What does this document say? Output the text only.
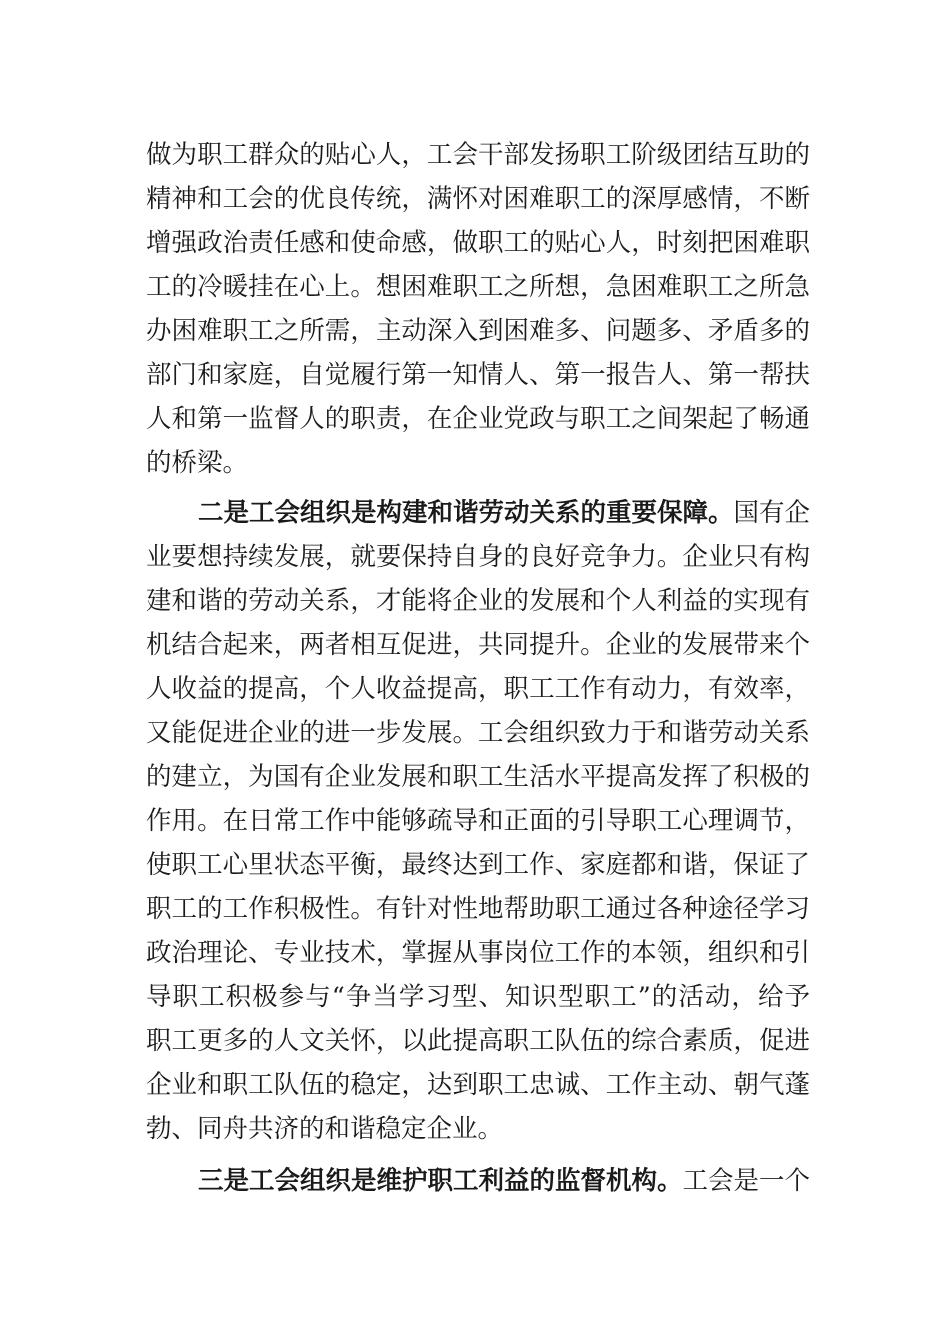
做为职工群众的贴心人，工会干部发扬职工阶级团结互助的
精神和工会的优良传统，满怀对困难职工的深厚感情，不断
增强政治责任感和使命感，做职工的贴心人，时刻把困难职
工的冷暖挂在心上。想困难职工之所想，急困难职工之所急
办困难职工之所需，主动深入到困难多、问题多、矛盾多的
部门和家庭，自觉履行第一知情人、第一报告人、第一帮扶
人和第一监督人的职责，在企业党政与职工之间架起了畅通
的桥梁。
二是工会组织是构建和谐劳动关系的重要保障。国有企
业要想持续发展，就要保持自身的良好竞争力。企业只有构
建和谐的劳动关系，才能将企业的发展和个人利益的实现有
机结合起来，两者相互促进，共同提升。企业的发展带来个
人收益的提高，个人收益提高，职工工作有动力，有效率，
又能促进企业的进一步发展。工会组织致力于和谐劳动关系
的建立，为国有企业发展和职工生活水平提高发挥了积极的
作用。在日常工作中能够疏导和正面的引导职工心理调节，
使职工心里状态平衡，最终达到工作、家庭都和谐，保证了
职工的工作积极性。有针对性地帮助职工通过各种途径学习
政治理论、专业技术，掌握从事岗位工作的本领，组织和引
导职工积极参与“争当学习型、知识型职工”的活动，给予
职工更多的人文关怀，以此提高职工队伍的综合素质，促进
企业和职工队伍的稳定，达到职工忠诚、工作主动、朝气蓬
勃、同舟共济的和谐稳定企业。
三是工会组织是维护职工利益的监督机构。工会是一个
